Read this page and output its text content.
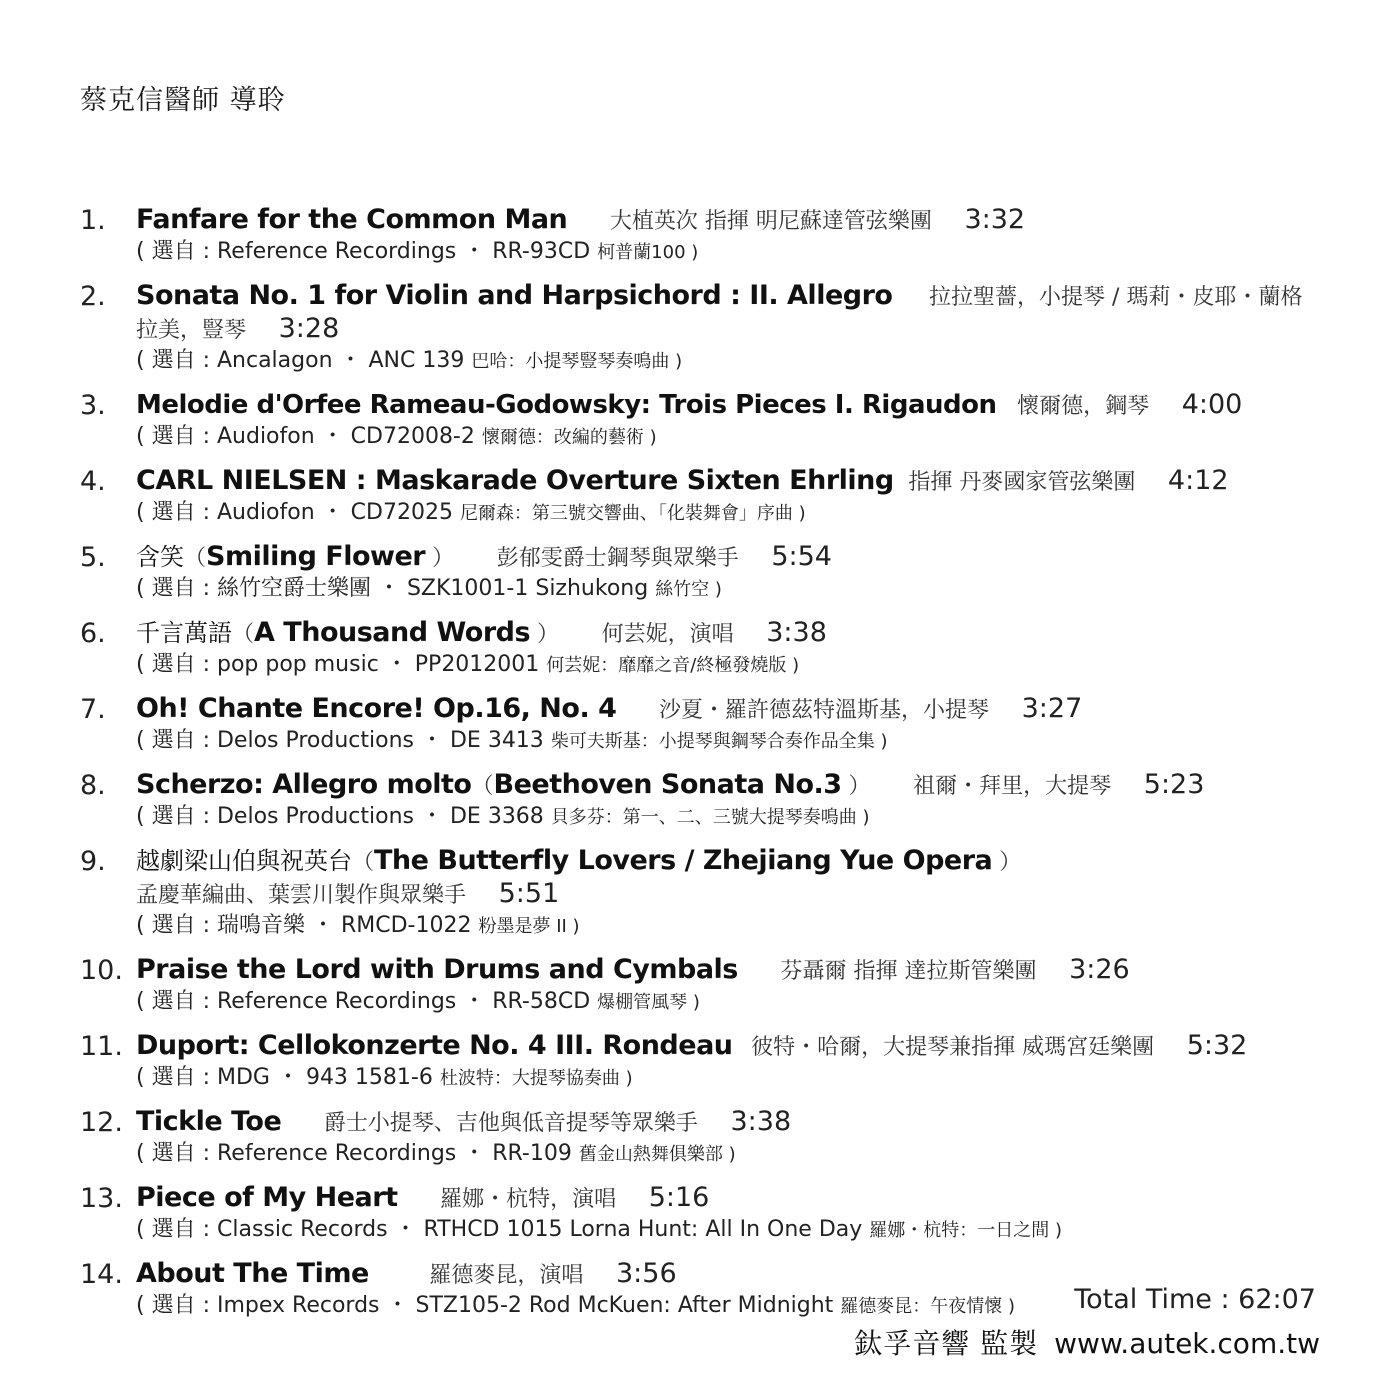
蔡克信醫師 導聆
1. Fanfare for the Common Man 大植英次 指揮 明尼蘇達管弦樂團 3:32
( 選自 : Reference Recordings ・ RR-93CD 柯普蘭100 )
2. Sonata No. 1 for Violin and Harpsichord : II. Allegro 拉拉聖薔，小提琴 / 瑪莉・皮耶・蘭格拉美，豎琴 3:28
( 選自 : Ancalagon ・ ANC 139 巴哈：小提琴豎琴奏鳴曲 )
3. Melodie d'Orfee Rameau-Godowsky: Trois Pieces I. Rigaudon 懷爾德，鋼琴 4:00
( 選自 : Audiofon ・ CD72008-2 懷爾德：改編的藝術 )
4. CARL NIELSEN : Maskarade Overture Sixten Ehrling 指揮 丹麥國家管弦樂團 4:12
( 選自 : Audiofon ・ CD72025 尼爾森：第三號交響曲、「化裝舞會」序曲 )
5. 含笑（Smiling Flower ） 彭郁雯爵士鋼琴與眾樂手 5:54
( 選自 : 絲竹空爵士樂團 ・ SZK1001-1 Sizhukong 絲竹空 )
6. 千言萬語（A Thousand Words ） 何芸妮，演唱 3:38
( 選自 : pop pop music ・ PP2012001 何芸妮：靡靡之音/終極發燒版 )
7. Oh! Chante Encore! Op.16, No. 4 沙夏・羅許德茲特溫斯基，小提琴 3:27
( 選自 : Delos Productions ・ DE 3413 柴可夫斯基：小提琴與鋼琴合奏作品全集 )
8. Scherzo: Allegro molto（Beethoven Sonata No.3 ） 祖爾・拜里，大提琴 5:23
( 選自 : Delos Productions ・ DE 3368 貝多芬：第一、二、三號大提琴奏鳴曲 )
9. 越劇梁山伯與祝英台（The Butterfly Lovers / Zhejiang Yue Opera ）
孟慶華編曲、葉雲川製作與眾樂手 5:51
( 選自 : 瑞鳴音樂 ・ RMCD-1022 粉墨是夢 II )
10. Praise the Lord with Drums and Cymbals 芬聶爾 指揮 達拉斯管樂團 3:26
( 選自 : Reference Recordings ・ RR-58CD 爆棚管風琴 )
11. Duport: Cellokonzerte No. 4 III. Rondeau 彼特・哈爾，大提琴兼指揮 威瑪宮廷樂團 5:32
( 選自 : MDG ・ 943 1581-6 杜波特：大提琴協奏曲 )
12. Tickle Toe 爵士小提琴、吉他與低音提琴等眾樂手 3:38
( 選自 : Reference Recordings ・ RR-109 舊金山熱舞俱樂部 )
13. Piece of My Heart 羅娜・杭特，演唱 5:16
( 選自 : Classic Records ・ RTHCD 1015 Lorna Hunt: All In One Day 羅娜・杭特：一日之間 )
14. About The Time	羅德麥昆，演唱 3:56
( 選自 : Impex Records ・ STZ105-2 Rod McKuen: After Midnight 羅德麥昆：午夜情懷 )	Total Time : 62:07
鈦孚音響 監製 www.autek.com.tw
